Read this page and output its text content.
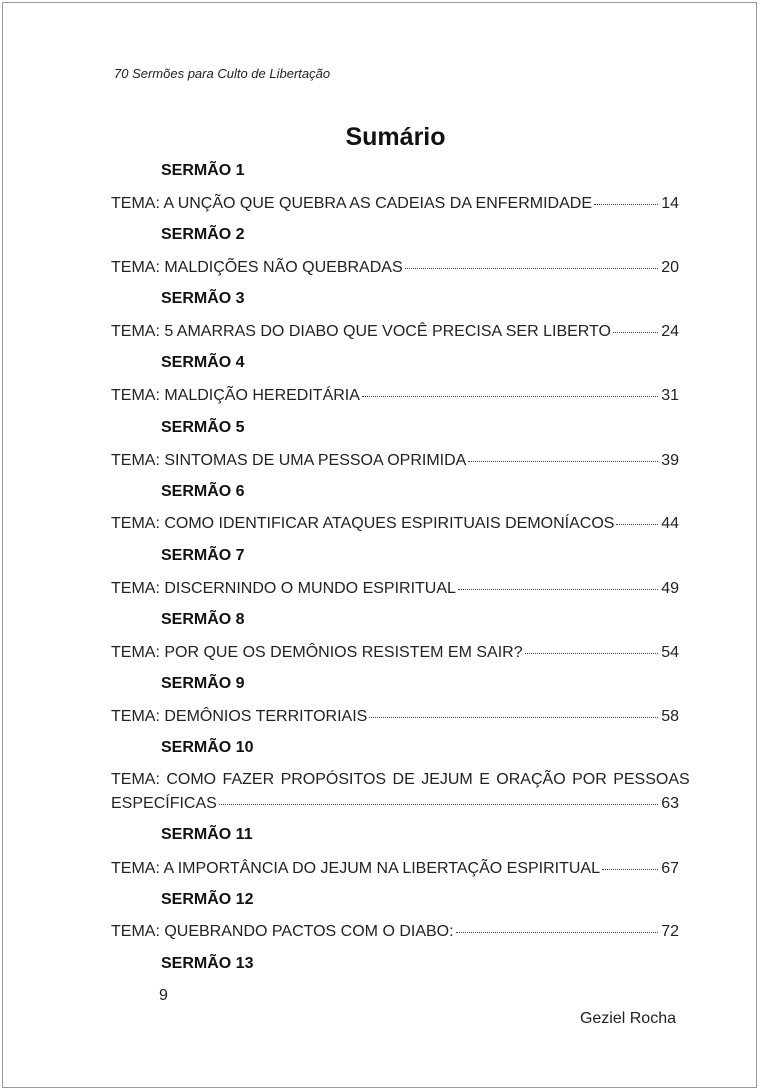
70 Sermões para Culto de Libertação
Sumário
SERMÃO 1
TEMA: A UNÇÃO QUE QUEBRA AS CADEIAS DA ENFERMIDADE	14
SERMÃO 2
TEMA: MALDIÇÕES NÃO QUEBRADAS	20
SERMÃO 3
TEMA: 5 AMARRAS DO DIABO QUE VOCÊ PRECISA SER LIBERTO	24
SERMÃO 4
TEMA: MALDIÇÃO HEREDITÁRIA	31
SERMÃO 5
TEMA: SINTOMAS DE UMA PESSOA OPRIMIDA	39
SERMÃO 6
TEMA: COMO IDENTIFICAR ATAQUES ESPIRITUAIS DEMONÍACOS	44
SERMÃO 7
TEMA: DISCERNINDO O MUNDO ESPIRITUAL	49
SERMÃO 8
TEMA: POR QUE OS DEMÔNIOS RESISTEM EM SAIR?	54
SERMÃO 9
TEMA: DEMÔNIOS TERRITORIAIS	58
SERMÃO 10
TEMA: COMO FAZER PROPÓSITOS DE JEJUM E ORAÇÃO POR PESSOAS
ESPECÍFICAS	63
SERMÃO 11
TEMA: A IMPORTÂNCIA DO JEJUM NA LIBERTAÇÃO ESPIRITUAL	67
SERMÃO 12
TEMA: QUEBRANDO PACTOS COM O DIABO:	72
SERMÃO 13
9
Geziel Rocha
